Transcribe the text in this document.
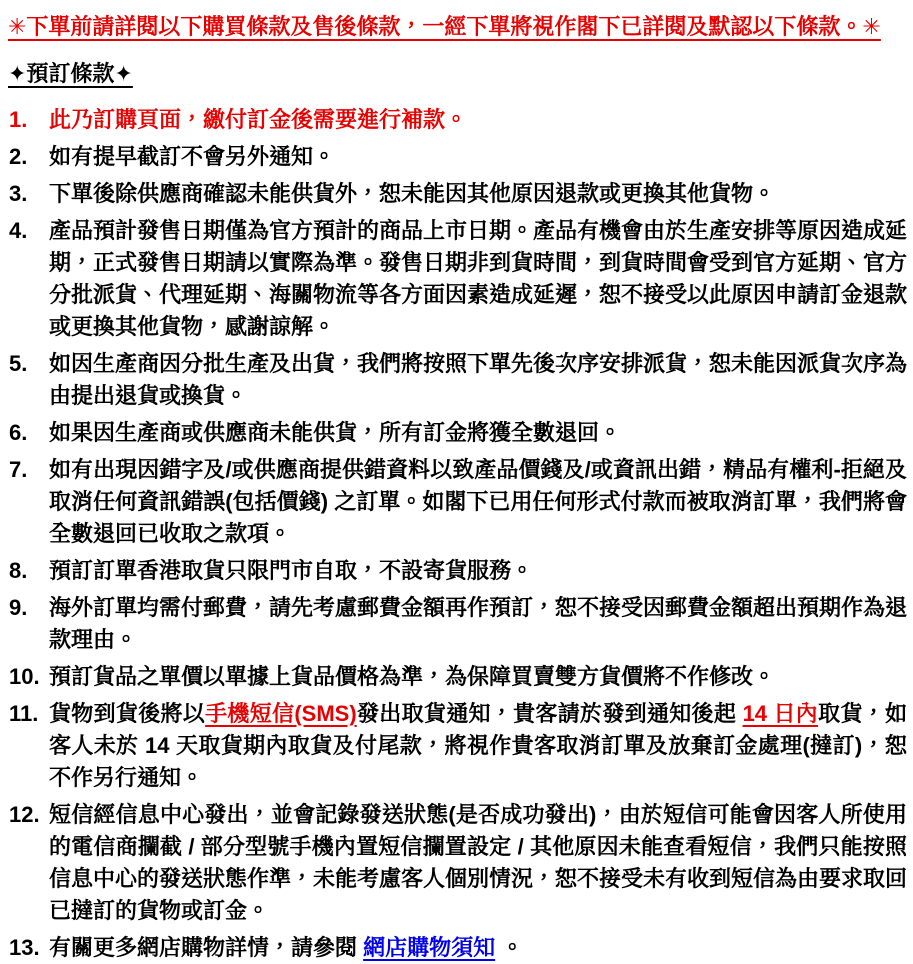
✳︎下單前請詳閱以下購買條款及售後條款，一經下單將視作閣下已詳閱及默認以下條款。✳︎
✦預訂條款✦
1. 此乃訂購頁面，繳付訂金後需要進行補款。
2. 如有提早截訂不會另外通知。
3. 下單後除供應商確認未能供貨外，恕未能因其他原因退款或更換其他貨物。
4. 產品預計發售日期僅為官方預計的商品上市日期。產品有機會由於生產安排等原因造成延期，正式發售日期請以實際為準。發售日期非到貨時間，到貨時間會受到官方延期、官方分批派貨、代理延期、海關物流等各方面因素造成延遲，恕不接受以此原因申請訂金退款或更換其他貨物，感謝諒解。
5. 如因生產商因分批生產及出貨，我們將按照下單先後次序安排派貨，恕未能因派貨次序為由提出退貨或換貨。
6. 如果因生產商或供應商未能供貨，所有訂金將獲全數退回。
7. 如有出現因錯字及/或供應商提供錯資料以致產品價錢及/或資訊出錯，精品有權利-拒絕及取消任何資訊錯誤(包括價錢) 之訂單。如閣下已用任何形式付款而被取消訂單，我們將會全數退回已收取之款項。
8. 預訂訂單香港取貨只限門市自取，不設寄貨服務。
9. 海外訂單均需付郵費，請先考慮郵費金額再作預訂，恕不接受因郵費金額超出預期作為退款理由。
10. 預訂貨品之單價以單據上貨品價格為準，為保障買賣雙方貨價將不作修改。
11. 貨物到貨後將以手機短信(SMS)發出取貨通知，貴客請於發到通知後起 14 日內取貨，如客人未於 14 天取貨期內取貨及付尾款，將視作貴客取消訂單及放棄訂金處理(撻訂)，恕不作另行通知。
12. 短信經信息中心發出，並會記錄發送狀態(是否成功發出)，由於短信可能會因客人所使用的電信商攔截 / 部分型號手機內置短信攔置設定 / 其他原因未能查看短信，我們只能按照信息中心的發送狀態作準，未能考慮客人個別情況，恕不接受未有收到短信為由要求取回已撻訂的貨物或訂金。
13. 有關更多網店購物詳情，請參閱 網店購物須知 。
